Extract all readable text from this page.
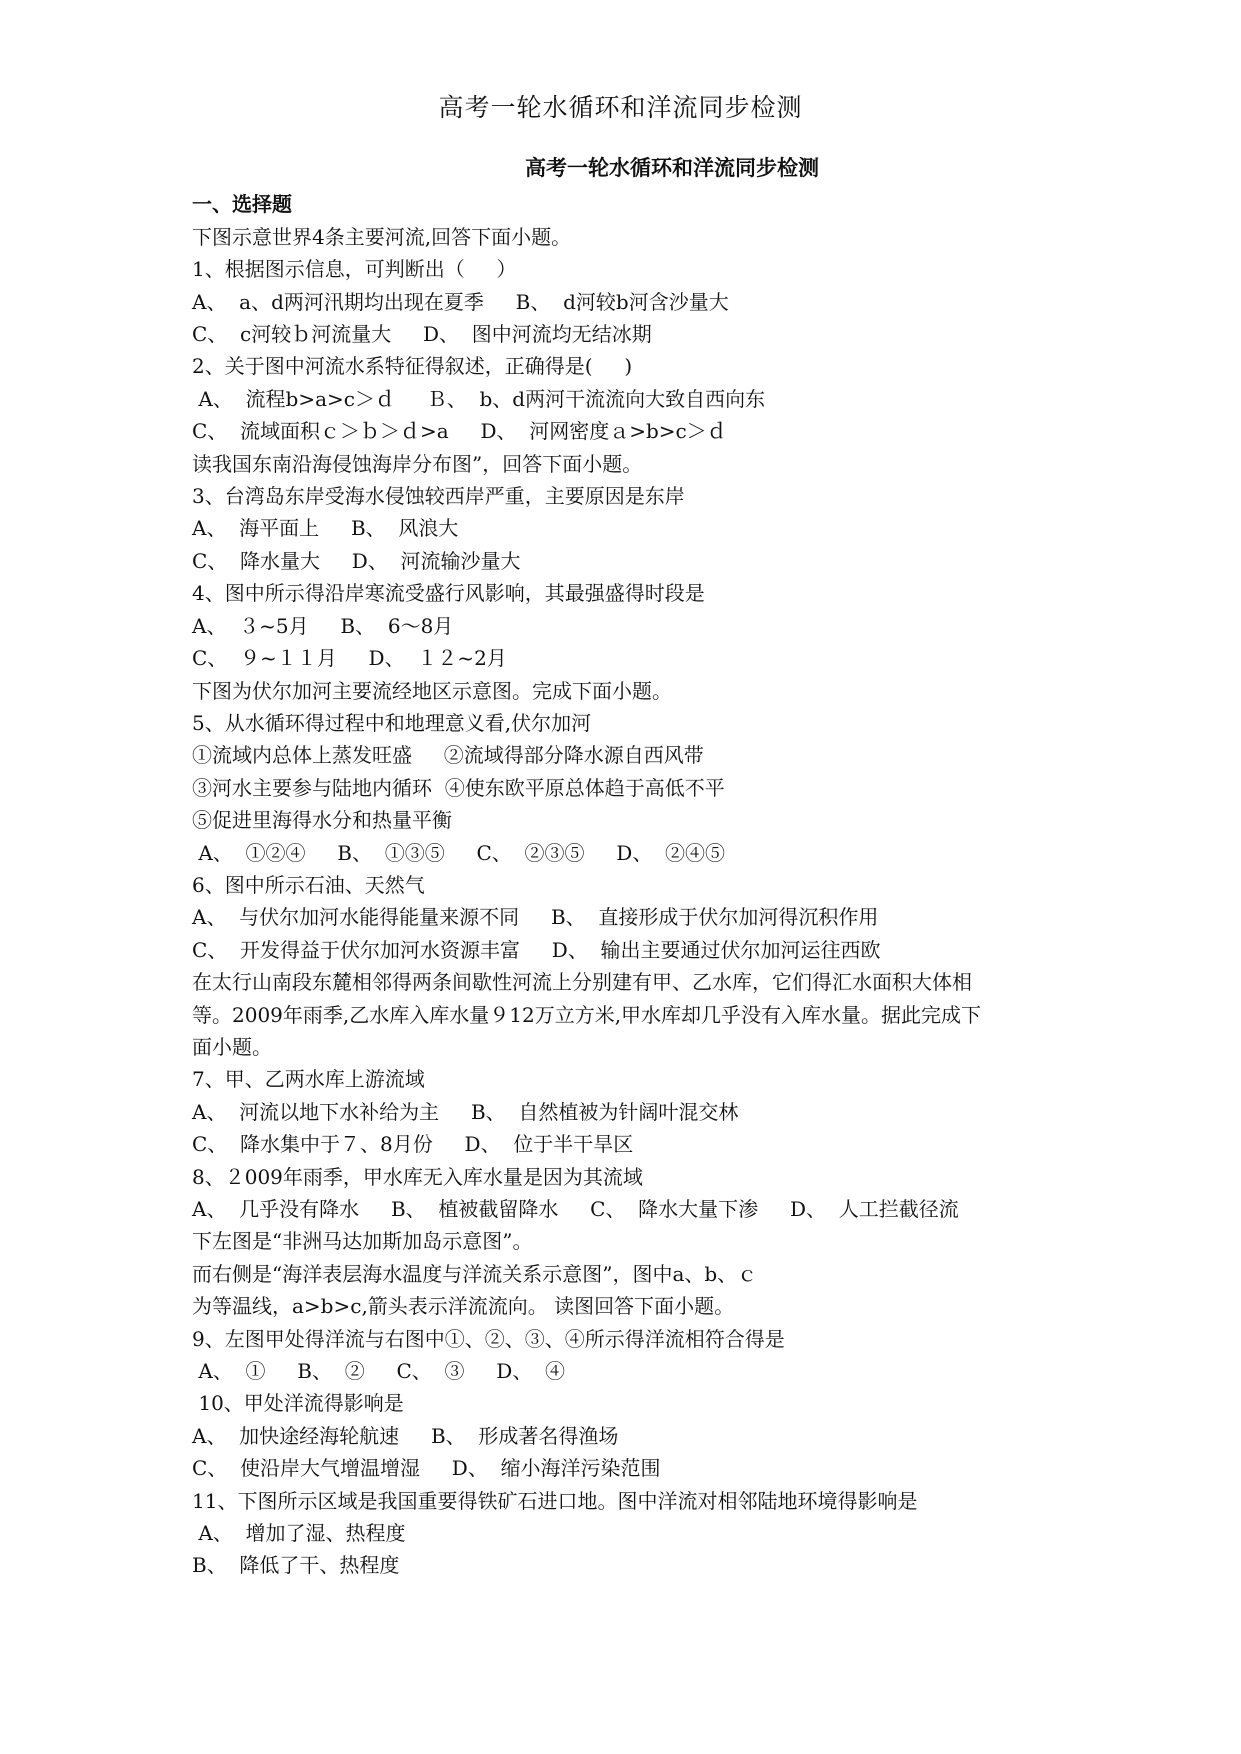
高考一轮水循环和洋流同步检测
高考一轮水循环和洋流同步检测
一、选择题
下图示意世界4条主要河流,回答下面小题。
1、根据图示信息，可判断出（     ）
A、  a、d两河汛期均出现在夏季     B、  d河较b河含沙量大
C、  c河较ｂ河流量大     D、  图中河流均无结冰期
2、关于图中河流水系特征得叙述，正确得是(     )
A、  流程b>a>c＞ｄ     Ｂ、  b、d两河干流流向大致自西向东
C、  流域面积ｃ＞ｂ＞ｄ>a     D、  河网密度ａ>b>c＞ｄ
读我国东南沿海侵蚀海岸分布图”，回答下面小题。
3、台湾岛东岸受海水侵蚀较西岸严重，主要原因是东岸
A、  海平面上     B、  风浪大
C、  降水量大     D、  河流输沙量大
4、图中所示得沿岸寒流受盛行风影响，其最强盛得时段是
A、  ３~5月     B、  6～8月
C、  ９~１１月     D、  １２~2月
下图为伏尔加河主要流经地区示意图。完成下面小题。
5、从水循环得过程中和地理意义看,伏尔加河
①流域内总体上蒸发旺盛     ②流域得部分降水源自西风带
③河水主要参与陆地内循环  ④使东欧平原总体趋于高低不平
⑤促进里海得水分和热量平衡
A、  ①②④     B、  ①③⑤     C、  ②③⑤     D、  ②④⑤
6、图中所示石油、天然气
A、  与伏尔加河水能得能量来源不同     B、  直接形成于伏尔加河得沉积作用
C、  开发得益于伏尔加河水资源丰富     D、  输出主要通过伏尔加河运往西欧
在太行山南段东麓相邻得两条间歇性河流上分别建有甲、乙水库，它们得汇水面积大体相
等。2009年雨季,乙水库入库水量９12万立方米,甲水库却几乎没有入库水量。据此完成下
面小题。
7、甲、乙两水库上游流域
A、  河流以地下水补给为主     B、  自然植被为针阔叶混交林
C、  降水集中于７、8月份     D、  位于半干旱区
8、２009年雨季，甲水库无入库水量是因为其流域
A、  几乎没有降水     B、  植被截留降水     C、  降水大量下渗     D、  人工拦截径流
下左图是“非洲马达加斯加岛示意图”。
而右侧是“海洋表层海水温度与洋流关系示意图”，图中a、b、ｃ
为等温线，a>b>c,箭头表示洋流流向。 读图回答下面小题。
9、左图甲处得洋流与右图中①、②、③、④所示得洋流相符合得是
A、  ①     B、  ②     C、  ③     D、  ④
10、甲处洋流得影响是
A、  加快途经海轮航速     B、  形成著名得渔场
C、  使沿岸大气增温增湿     D、  缩小海洋污染范围
11、下图所示区域是我国重要得铁矿石进口地。图中洋流对相邻陆地环境得影响是
A、  增加了湿、热程度
B、  降低了干、热程度
